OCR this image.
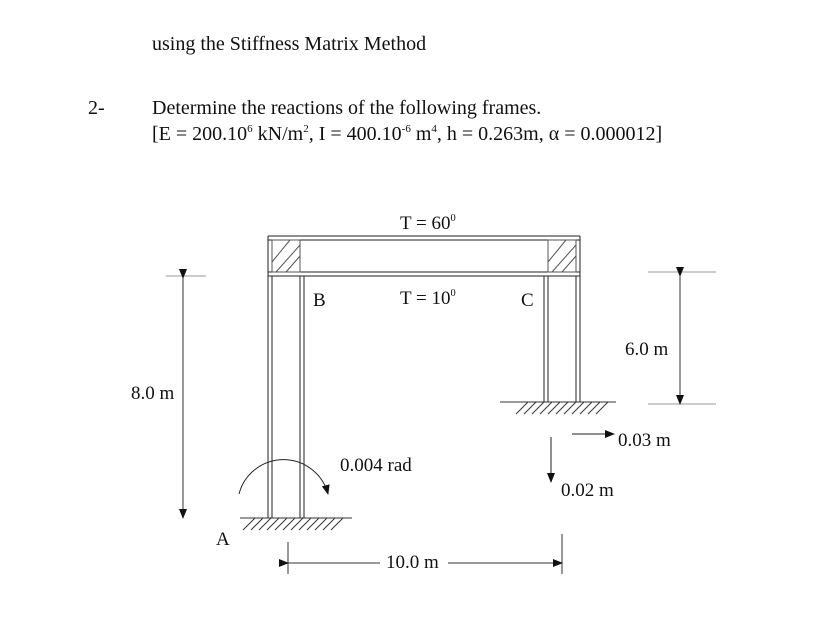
using the Stiffness Matrix Method
2- Determine the reactions of the following frames.
[$E = 200.10^6$ $kN/m^2$, $I = 400.10^{-6}$ $m^4$, h = 0.263m, α = 0.000012]
$T = 60^0$
$T = 10^0$
B	C
A
8.0 m
6.0 m
10.0 m
0.004 rad
0.03 m
0.02 m
